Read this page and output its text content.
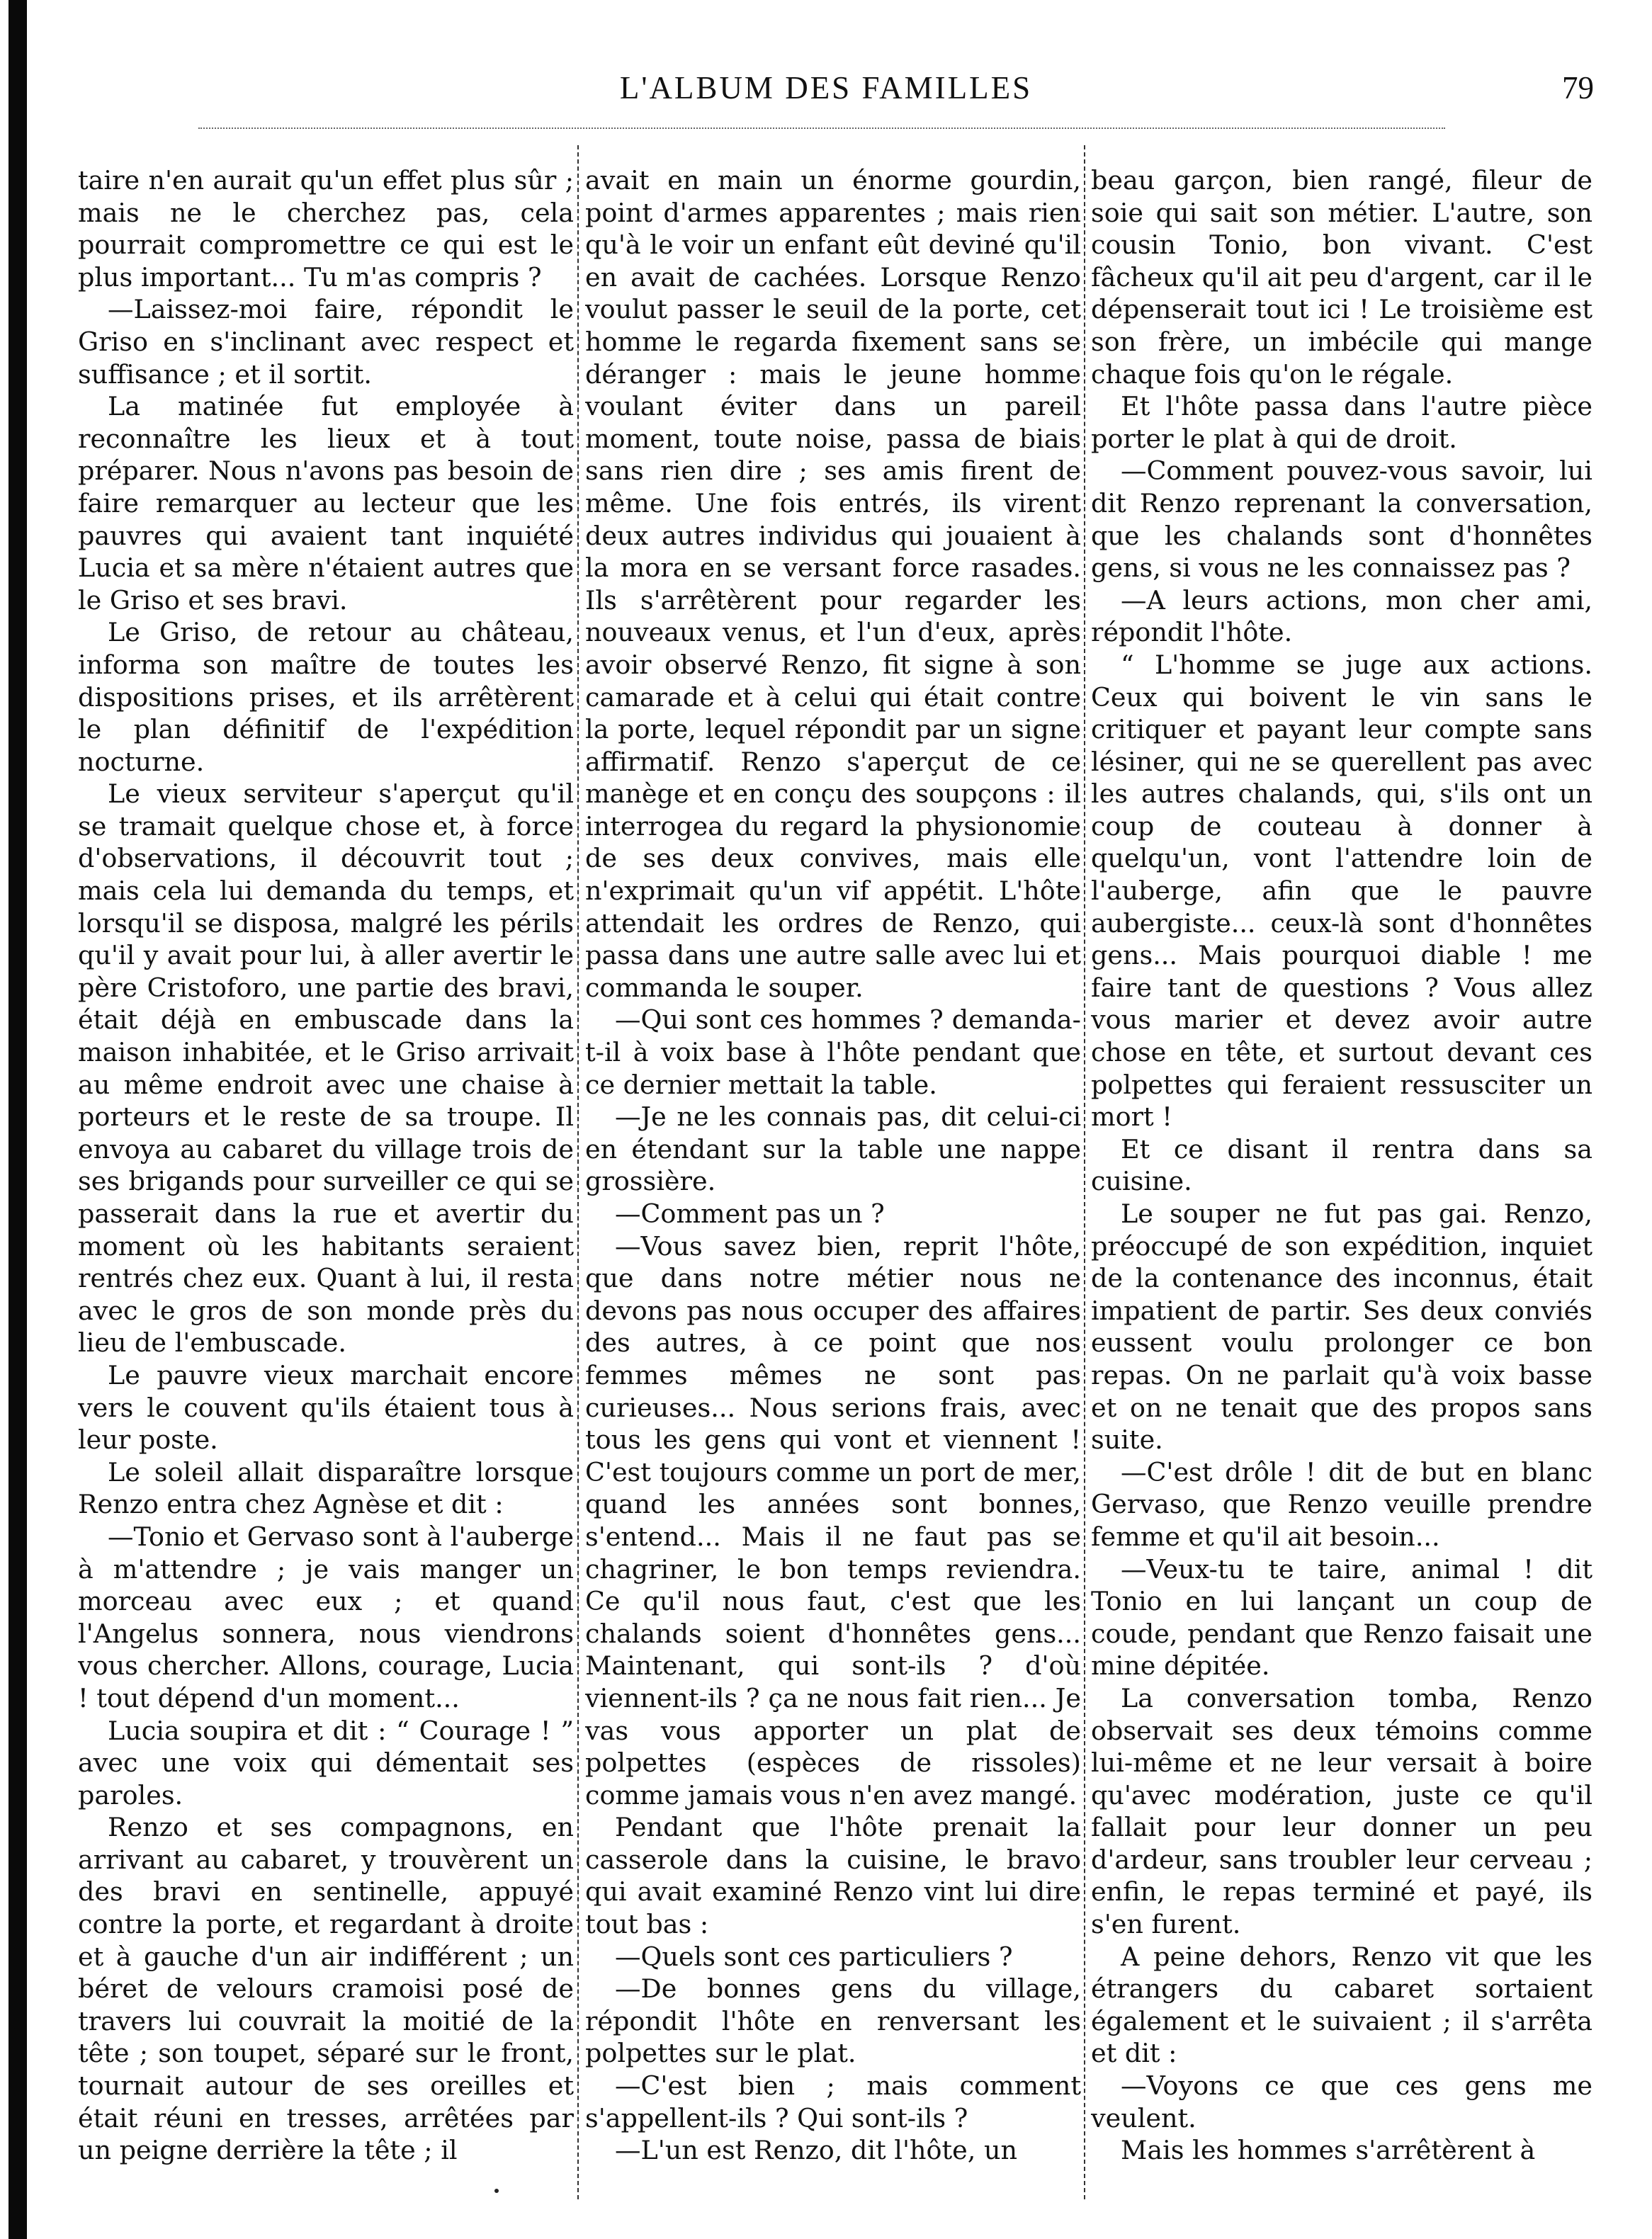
L'ALBUM DES FAMILLES	79

taire n'en aurait qu'un effet plus sûr ; mais ne le cherchez pas, cela pourrait compromettre ce qui est le plus important... Tu m'as compris ?

—Laissez-moi faire, répondit le Griso en s'inclinant avec respect et suffisance ; et il sortit.

La matinée fut employée à reconnaître les lieux et à tout préparer. Nous n'avons pas besoin de faire remarquer au lecteur que les pauvres qui avaient tant inquiété Lucia et sa mère n'étaient autres que le Griso et ses bravi.

Le Griso, de retour au château, informa son maître de toutes les dispositions prises, et ils arrêtèrent le plan définitif de l'expédition nocturne.

Le vieux serviteur s'aperçut qu'il se tramait quelque chose et, à force d'observations, il découvrit tout ; mais cela lui demanda du temps, et lorsqu'il se disposa, malgré les périls qu'il y avait pour lui, à aller avertir le père Cristoforo, une partie des bravi, était déjà en embuscade dans la maison inhabitée, et le Griso arrivait au même endroit avec une chaise à porteurs et le reste de sa troupe. Il envoya au cabaret du village trois de ses brigands pour surveiller ce qui se passerait dans la rue et avertir du moment où les habitants seraient rentrés chez eux. Quant à lui, il resta avec le gros de son monde près du lieu de l'embuscade.

Le pauvre vieux marchait encore vers le couvent qu'ils étaient tous à leur poste.

Le soleil allait disparaître lorsque Renzo entra chez Agnèse et dit :

—Tonio et Gervaso sont à l'auberge à m'attendre ; je vais manger un morceau avec eux ; et quand l'Angelus sonnera, nous viendrons vous chercher. Allons, courage, Lucia ! tout dépend d'un moment...

Lucia soupira et dit : “ Courage ! ” avec une voix qui démentait ses paroles.

Renzo et ses compagnons, en arrivant au cabaret, y trouvèrent un des bravi en sentinelle, appuyé contre la porte, et regardant à droite et à gauche d'un air indifférent ; un béret de velours cramoisi posé de travers lui couvrait la moitié de la tête ; son toupet, séparé sur le front, tournait autour de ses oreilles et était réuni en tresses, arrêtées par un peigne derrière la tête ; il

avait en main un énorme gourdin, point d'armes apparentes ; mais rien qu'à le voir un enfant eût deviné qu'il en avait de cachées. Lorsque Renzo voulut passer le seuil de la porte, cet homme le regarda fixement sans se déranger : mais le jeune homme voulant éviter dans un pareil moment, toute noise, passa de biais sans rien dire ; ses amis firent de même. Une fois entrés, ils virent deux autres individus qui jouaient à la mora en se versant force rasades. Ils s'arrêtèrent pour regarder les nouveaux venus, et l'un d'eux, après avoir observé Renzo, fit signe à son camarade et à celui qui était contre la porte, lequel répondit par un signe affirmatif. Renzo s'aperçut de ce manège et en conçu des soupçons : il interrogea du regard la physionomie de ses deux convives, mais elle n'exprimait qu'un vif appétit. L'hôte attendait les ordres de Renzo, qui passa dans une autre salle avec lui et commanda le souper.

—Qui sont ces hommes ? demanda-t-il à voix base à l'hôte pendant que ce dernier mettait la table.

—Je ne les connais pas, dit celui-ci en étendant sur la table une nappe grossière.

—Comment pas un ?

—Vous savez bien, reprit l'hôte, que dans notre métier nous ne devons pas nous occuper des affaires des autres, à ce point que nos femmes mêmes ne sont pas curieuses... Nous serions frais, avec tous les gens qui vont et viennent ! C'est toujours comme un port de mer, quand les années sont bonnes, s'entend... Mais il ne faut pas se chagriner, le bon temps reviendra. Ce qu'il nous faut, c'est que les chalands soient d'honnêtes gens... Maintenant, qui sont-ils ? d'où viennent-ils ? ça ne nous fait rien... Je vas vous apporter un plat de polpettes (espèces de rissoles) comme jamais vous n'en avez mangé.

Pendant que l'hôte prenait la casserole dans la cuisine, le bravo qui avait examiné Renzo vint lui dire tout bas :

—Quels sont ces particuliers ?

—De bonnes gens du village, répondit l'hôte en renversant les polpettes sur le plat.

—C'est bien ; mais comment s'appellent-ils ? Qui sont-ils ?

—L'un est Renzo, dit l'hôte, un

beau garçon, bien rangé, fileur de soie qui sait son métier. L'autre, son cousin Tonio, bon vivant. C'est fâcheux qu'il ait peu d'argent, car il le dépenserait tout ici ! Le troisième est son frère, un imbécile qui mange chaque fois qu'on le régale.

Et l'hôte passa dans l'autre pièce porter le plat à qui de droit.

—Comment pouvez-vous savoir, lui dit Renzo reprenant la conversation, que les chalands sont d'honnêtes gens, si vous ne les connaissez pas ?

—A leurs actions, mon cher ami, répondit l'hôte.

“ L'homme se juge aux actions. Ceux qui boivent le vin sans le critiquer et payant leur compte sans lésiner, qui ne se querellent pas avec les autres chalands, qui, s'ils ont un coup de couteau à donner à quelqu'un, vont l'attendre loin de l'auberge, afin que le pauvre aubergiste... ceux-là sont d'honnêtes gens... Mais pourquoi diable ! me faire tant de questions ? Vous allez vous marier et devez avoir autre chose en tête, et surtout devant ces polpettes qui feraient ressusciter un mort !

Et ce disant il rentra dans sa cuisine.

Le souper ne fut pas gai. Renzo, préoccupé de son expédition, inquiet de la contenance des inconnus, était impatient de partir. Ses deux conviés eussent voulu prolonger ce bon repas. On ne parlait qu'à voix basse et on ne tenait que des propos sans suite.

—C'est drôle ! dit de but en blanc Gervaso, que Renzo veuille prendre femme et qu'il ait besoin...

—Veux-tu te taire, animal ! dit Tonio en lui lançant un coup de coude, pendant que Renzo faisait une mine dépitée.

La conversation tomba, Renzo observait ses deux témoins comme lui-même et ne leur versait à boire qu'avec modération, juste ce qu'il fallait pour leur donner un peu d'ardeur, sans troubler leur cerveau ; enfin, le repas terminé et payé, ils s'en furent.

A peine dehors, Renzo vit que les étrangers du cabaret sortaient également et le suivaient ; il s'arrêta et dit :

—Voyons ce que ces gens me veulent.

Mais les hommes s'arrêtèrent à
